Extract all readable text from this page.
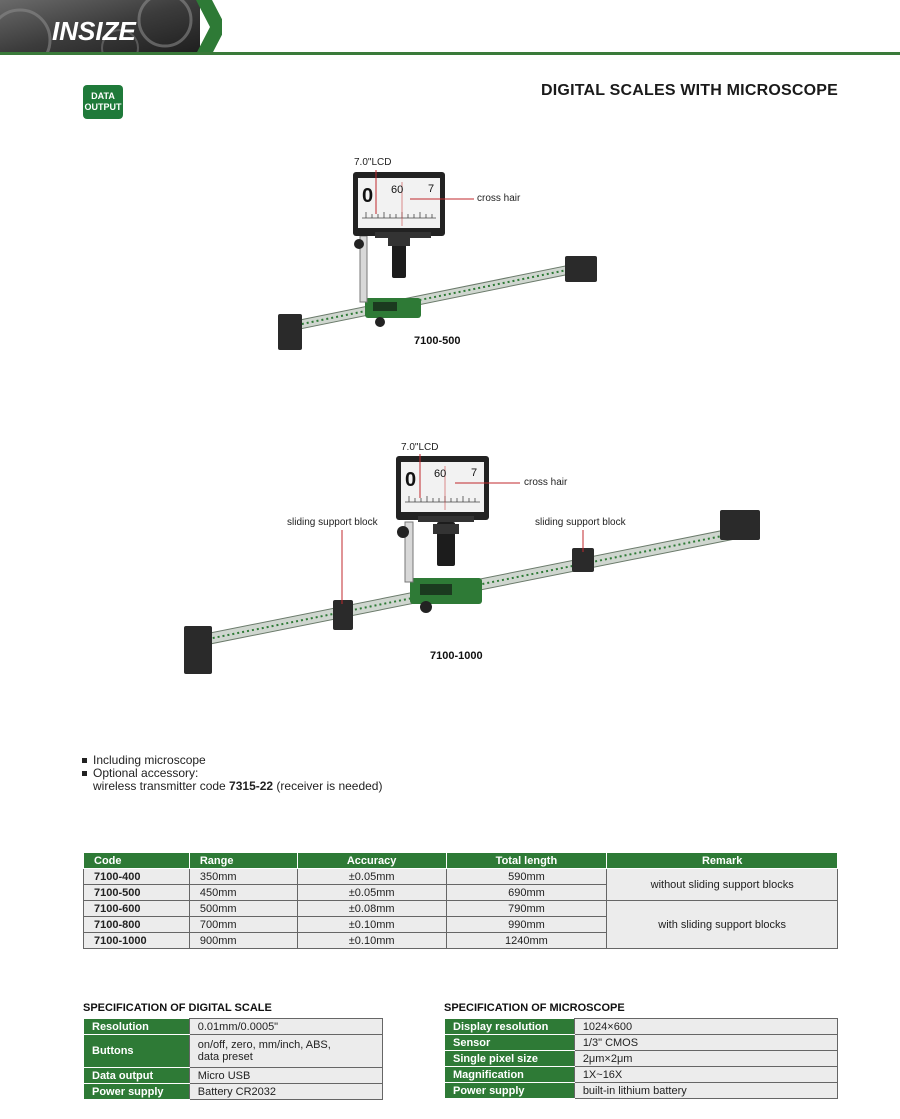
INSIZE
DATA
OUTPUT
DIGITAL SCALES WITH MICROSCOPE
0 60 7
0 60 7
7.0"LCD
cross hair
7100-500
7.0"LCD
cross hair
sliding support block	sliding support block
7100-1000
Including microscope
Optional accessory:
wireless transmitter code 7315-22 (receiver is needed)
Code	Range	Accuracy	Total length	Remark
7100-400	350mm	±0.05mm	590mm	without sliding support blocks
7100-500	450mm	±0.05mm	690mm	
7100-600	500mm	±0.08mm	790mm	with sliding support blocks
7100-800	700mm	±0.10mm	990mm	
7100-1000	900mm	±0.10mm	1240mm	
SPECIFICATION OF DIGITAL SCALE
Resolution	0.01mm/0.0005"
Buttons	on/off, zero, mm/inch, ABS,
data preset

Data output	Micro USB
Power supply	Battery CR2032
SPECIFICATION OF MICROSCOPE
Display resolution	1024×600
Sensor	1/3" CMOS
Single pixel size	2μm×2μm
Magnification	1X~16X
Power supply	built-in lithium battery
